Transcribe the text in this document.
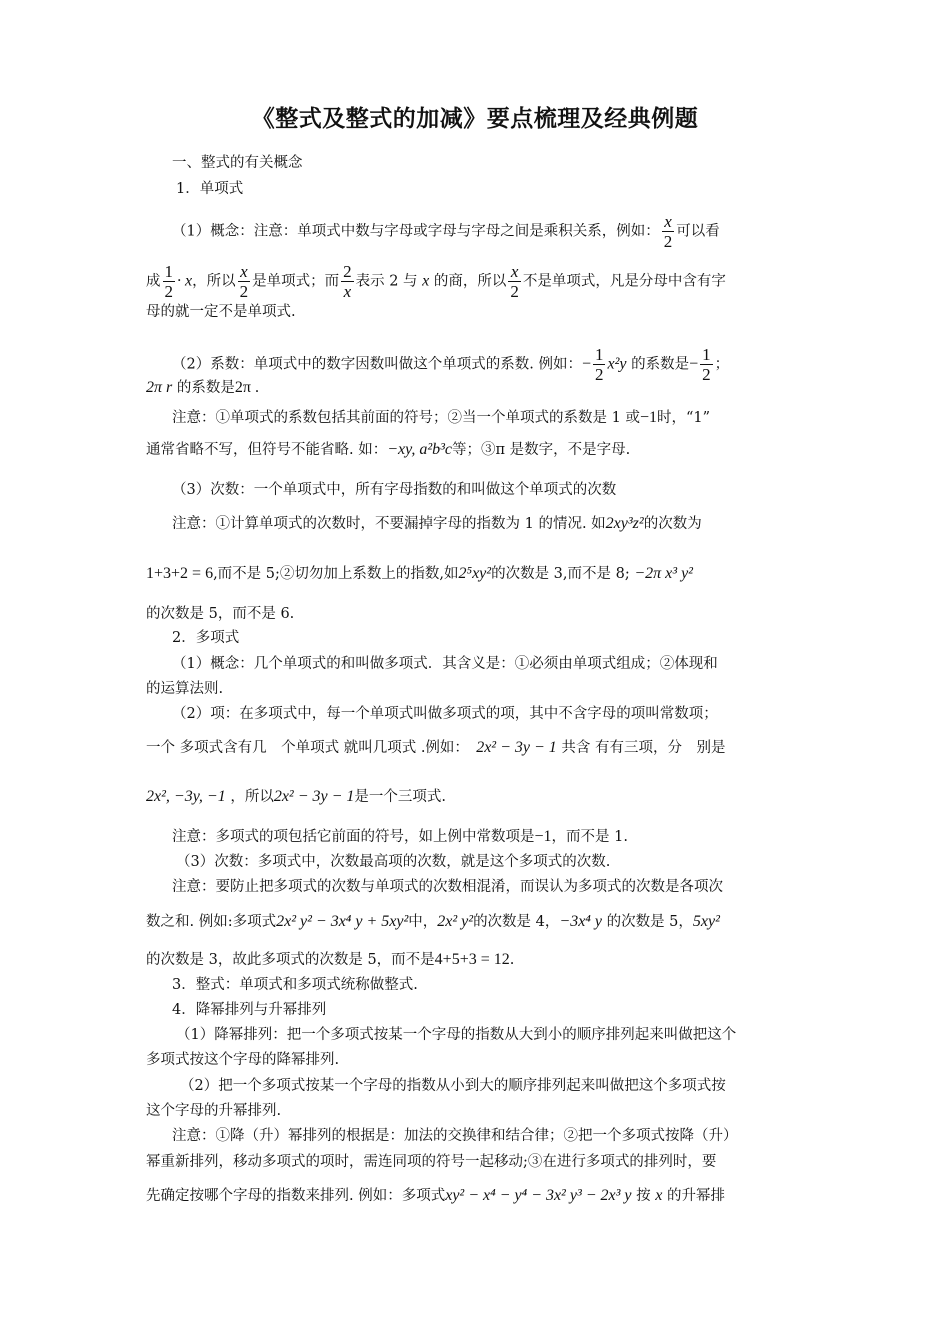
《整式及整式的加减》要点梳理及经典例题
一、整式的有关概念
1．单项式
（1）概念：注意：单项式中数与字母或字母与字母之间是乘积关系，例如： $\frac{x}{2}$ 可以看
成 $\frac{1}{2} \cdot x$，所以 $\frac{x}{2}$ 是单项式；而 $\frac{2}{x}$ 表示 2 与 x 的商，所以 $\frac{x}{2}$ 不是单项式，凡是分母中含有字
母的就一定不是单项式.
（2）系数：单项式中的数字因数叫做这个单项式的系数. 例如：− $\frac{1}{2} x^2y$ 的系数是− $\frac{1}{2}$ ；
2π r 的系数是2π .
注意：①单项式的系数包括其前面的符号；②当一个单项式的系数是 1 或−1时，“1”
通常省略不写，但符号不能省略. 如：−xy, a²b³c等；③π 是数字，不是字母.
（3）次数：一个单项式中，所有字母指数的和叫做这个单项式的次数
注意：①计算单项式的次数时，不要漏掉字母的指数为 1 的情况. 如2xy³z²的次数为
1+3+2 = 6,而不是 5;②切勿加上系数上的指数,如2⁵xy²的次数是 3,而不是 8; −2π x³ y²
的次数是 5，而不是 6.
2．多项式
（1）概念：几个单项式的和叫做多项式．其含义是：①必须由单项式组成；②体现和
的运算法则.
（2）项：在多项式中，每一个单项式叫做多项式的项，其中不含字母的项叫常数项；
一个 多项式含有几　个单项式 就叫几项式 .例如：　 2x² − 3y − 1 共含 有有三项，分　别是
2x², −3y, −1 ，所以2x² − 3y − 1是一个三项式.
注意：多项式的项包括它前面的符号，如上例中常数项是−1，而不是 1.
（3）次数：多项式中，次数最高项的次数，就是这个多项式的次数.
注意：要防止把多项式的次数与单项式的次数相混淆，而误认为多项式的次数是各项次
数之和. 例如:多项式2x² y² − 3x⁴ y + 5xy²中，2x² y²的次数是 4，−3x⁴ y 的次数是 5，5xy²
的次数是 3，故此多项式的次数是 5，而不是4+5+3 = 12.
3．整式：单项式和多项式统称做整式.
4．降幂排列与升幂排列
（1）降幂排列：把一个多项式按某一个字母的指数从大到小的顺序排列起来叫做把这个
多项式按这个字母的降幂排列.
（2）把一个多项式按某一个字母的指数从小到大的顺序排列起来叫做把这个多项式按
这个字母的升幂排列.
注意：①降（升）幂排列的根据是：加法的交换律和结合律；②把一个多项式按降（升）
幂重新排列，移动多项式的项时，需连同项的符号一起移动;③在进行多项式的排列时，要
先确定按哪个字母的指数来排列. 例如：多项式xy² − x⁴ − y⁴ − 3x² y³ − 2x³ y 按 x 的升幂排
